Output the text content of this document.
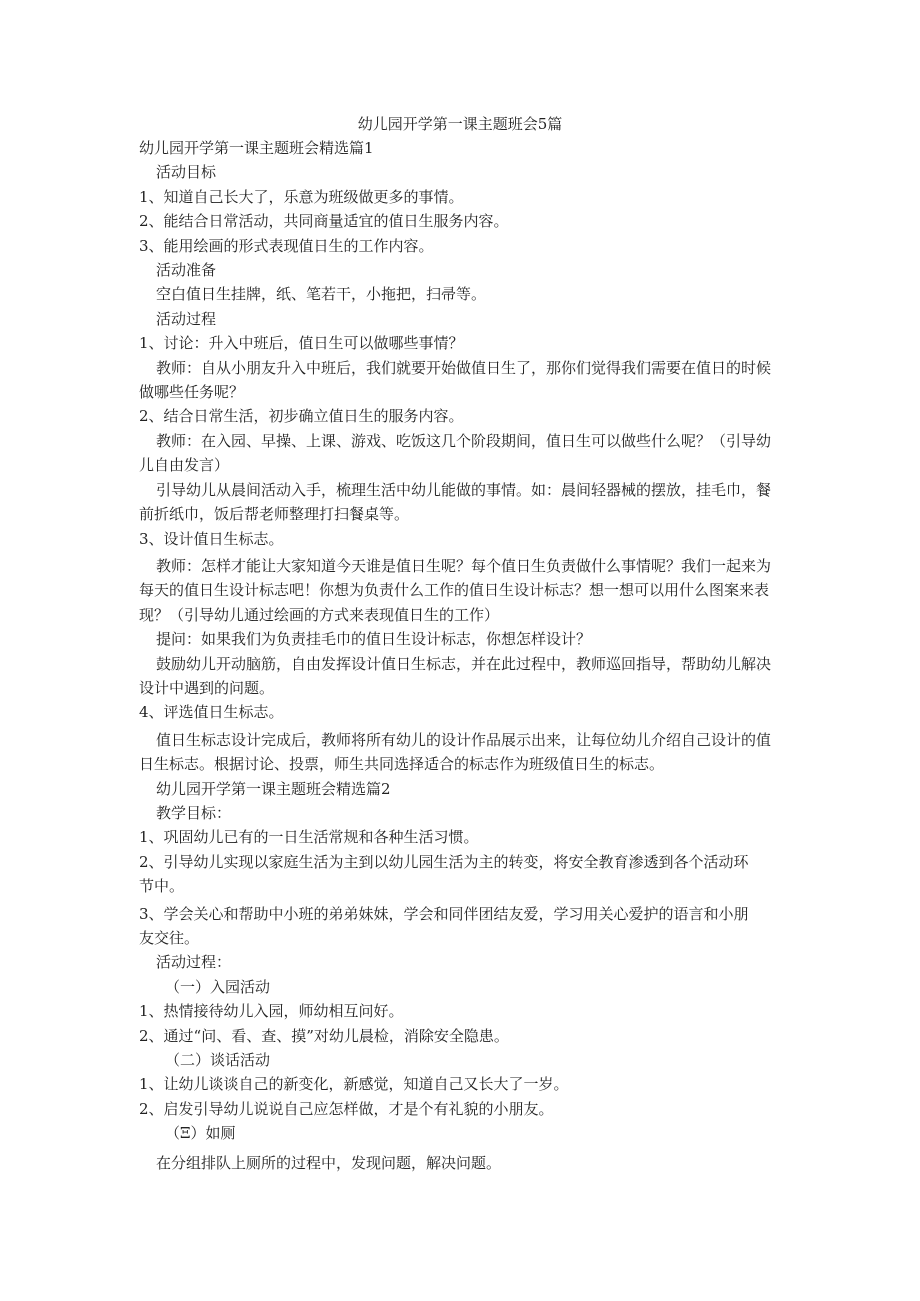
幼儿园开学第一课主题班会5篇

幼儿园开学第一课主题班会精选篇1

活动目标

1、知道自己长大了，乐意为班级做更多的事情。

2、能结合日常活动，共同商量适宜的值日生服务内容。

3、能用绘画的形式表现值日生的工作内容。

活动准备

空白值日生挂牌，纸、笔若干，小拖把，扫帚等。

活动过程

1、讨论：升入中班后，值日生可以做哪些事情？

教师：自从小朋友升入中班后，我们就要开始做值日生了，那你们觉得我们需要在值日的时候

做哪些任务呢？

2、结合日常生活，初步确立值日生的服务内容。

教师：在入园、早操、上课、游戏、吃饭这几个阶段期间，值日生可以做些什么呢？（引导幼

儿自由发言）

引导幼儿从晨间活动入手，梳理生活中幼儿能做的事情。如：晨间轻器械的摆放，挂毛巾，餐

前折纸巾，饭后帮老师整理打扫餐桌等。

3、设计值日生标志。

教师：怎样才能让大家知道今天谁是值日生呢？每个值日生负责做什么事情呢？我们一起来为

每天的值日生设计标志吧！你想为负责什么工作的值日生设计标志？想一想可以用什么图案来表

现？（引导幼儿通过绘画的方式来表现值日生的工作）

提问：如果我们为负责挂毛巾的值日生设计标志，你想怎样设计？

鼓励幼儿开动脑筋，自由发挥设计值日生标志，并在此过程中，教师巡回指导，帮助幼儿解决

设计中遇到的问题。

4、评选值日生标志。

值日生标志设计完成后，教师将所有幼儿的设计作品展示出来，让每位幼儿介绍自己设计的值

日生标志。根据讨论、投票，师生共同选择适合的标志作为班级值日生的标志。

幼儿园开学第一课主题班会精选篇2

教学目标：

1、巩固幼儿已有的一日生活常规和各种生活习惯。

2、引导幼儿实现以家庭生活为主到以幼儿园生活为主的转变，将安全教育渗透到各个活动环

节中。

3、学会关心和帮助中小班的弟弟妹妹，学会和同伴团结友爱，学习用关心爱护的语言和小朋

友交往。

活动过程：

（一）入园活动

1、热情接待幼儿入园，师幼相互问好。

2、通过“问、看、查、摸”对幼儿晨检，消除安全隐患。

（二）谈话活动

1、让幼儿谈谈自己的新变化，新感觉，知道自己又长大了一岁。

2、启发引导幼儿说说自己应怎样做，才是个有礼貌的小朋友。

（Ξ）如厕

在分组排队上厕所的过程中，发现问题，解决问题。
